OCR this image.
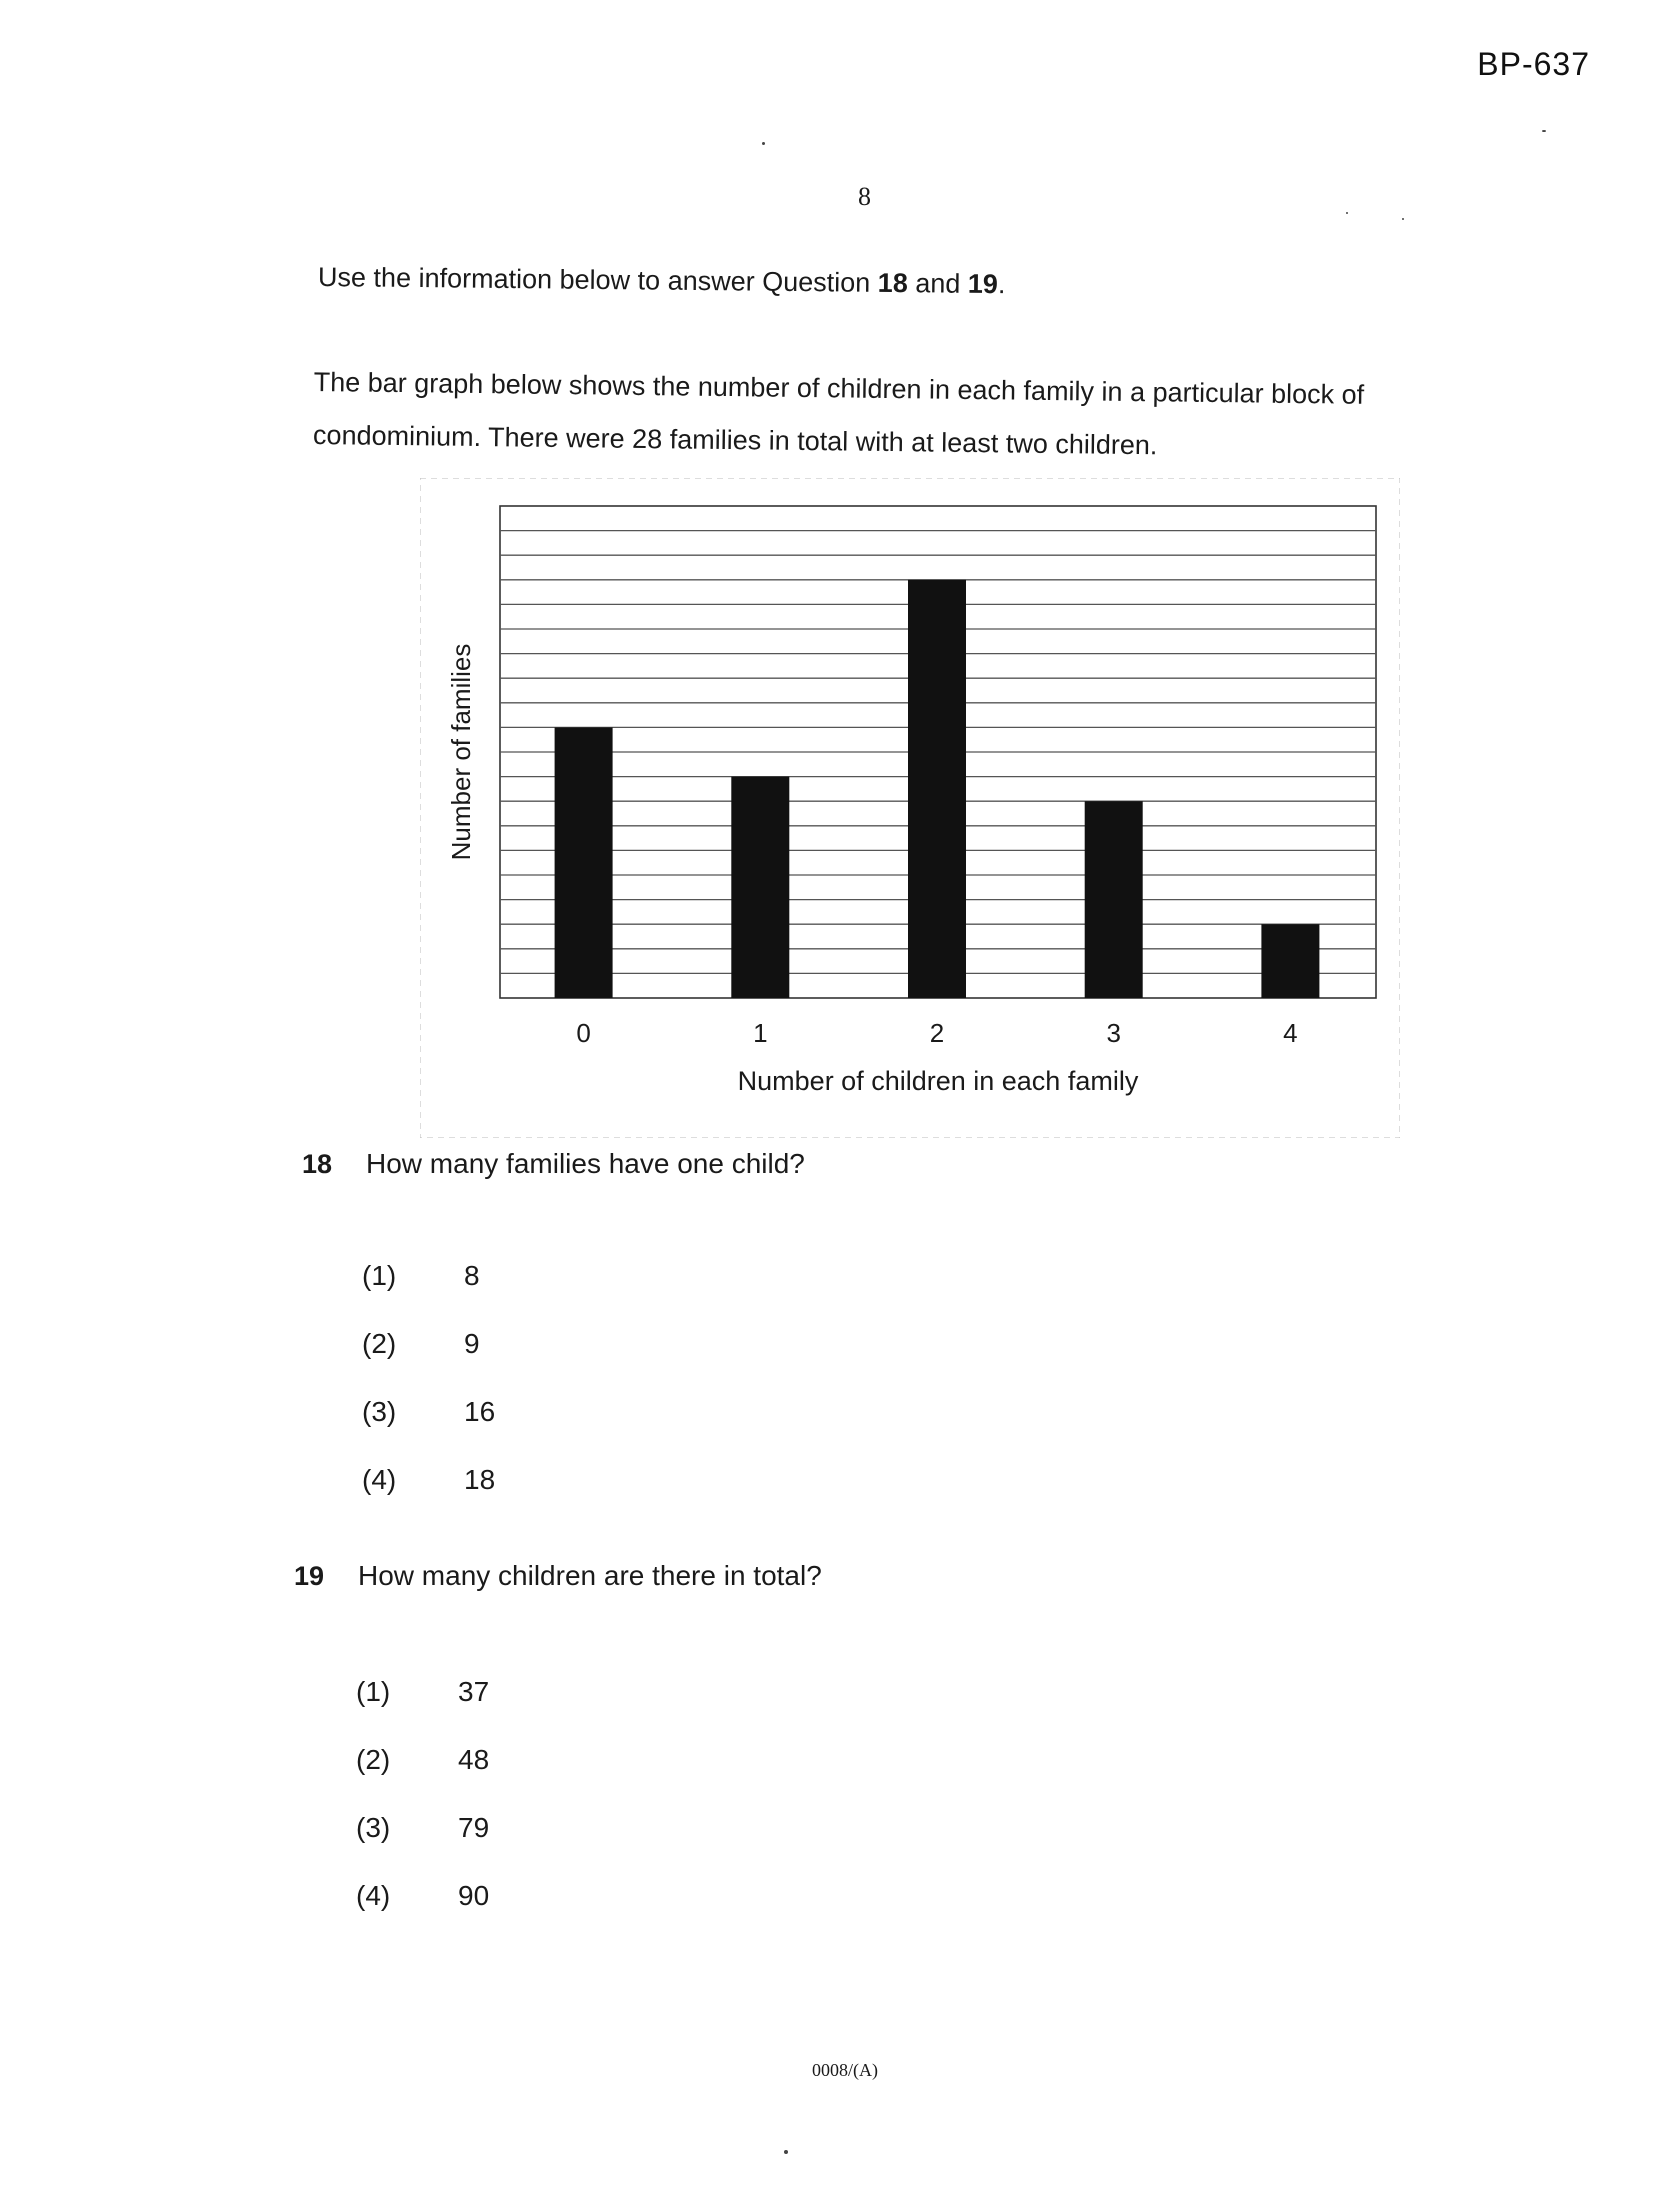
BP-637
8
Use the information below to answer Question 18 and 19.
The bar graph below shows the number of children in each family in a particular block of
condominium. There were 28 families in total with at least two children.
0	1	2	3	4
Number of children in each family
Number of families
18 How many families have one child?
(1) 8
(2) 9
(3) 16
(4) 18
19 How many children are there in total?
(1) 37
(2) 48
(3) 79
(4) 90
0008/(A)
